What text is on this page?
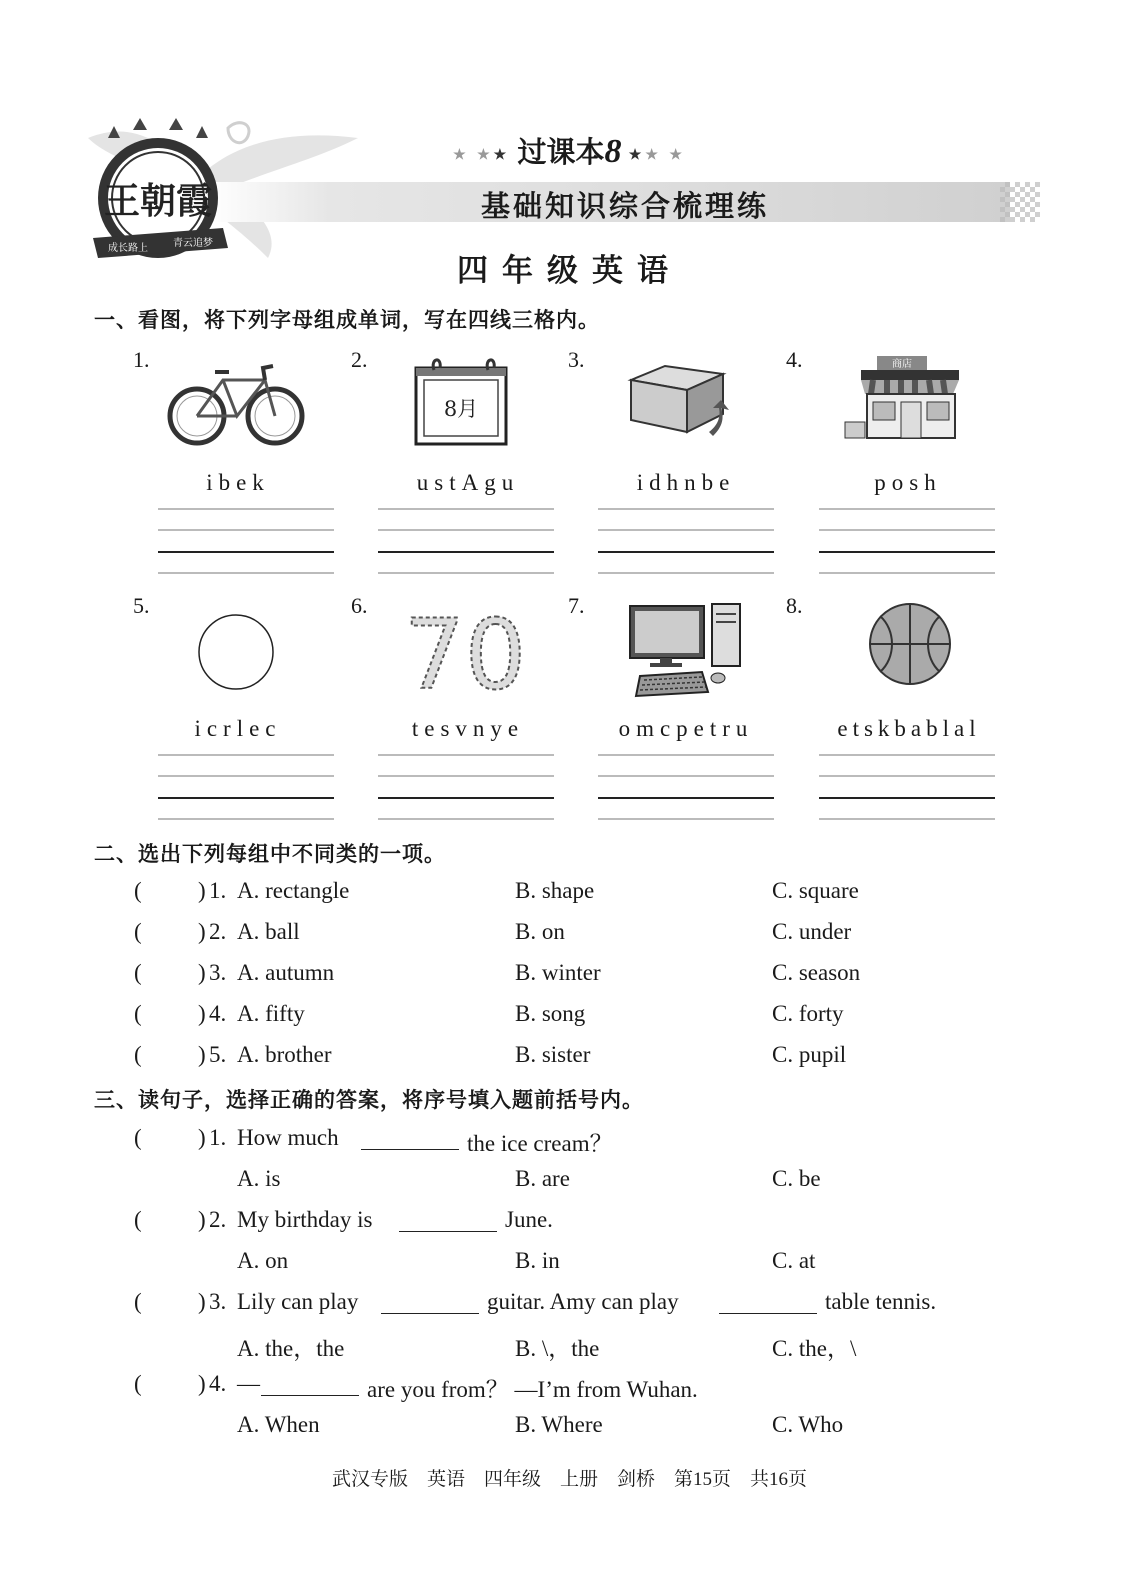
王朝霞
成长路上	青云追梦
★ ★★ 过课本8 ★★ ★
基础知识综合梳理练
四年级英语
一、看图，将下列字母组成单词，写在四线三格内。
1.	2.	3.	4.
8月
商店
ibek	ustAgu	idhnbe	posh
5.	6.	7.	8.
70
icrlec	tesvnye	omcpetru	etskbablal
二、选出下列每组中不同类的一项。
( ) 1. A. rectangle	B. shape	C. square
( ) 2. A. ball	B. on	C. under
( ) 3. A. autumn	B. winter	C. season
( ) 4. A. fifty	B. song	C. forty
( ) 5. A. brother	B. sister	C. pupil
三、读句子，选择正确的答案，将序号填入题前括号内。
( ) 1. How much	the ice cream？
A. is	B. are	C. be
( ) 2. My birthday is	June.
A. on	B. in	C. at
( ) 3. Lily can play	guitar. Amy can play	table tennis.
A. the，the	B. \，the	C. the，\
( ) 4. —	are you from？ —I’m from Wuhan.
A. When	B. Where	C. Who
武汉专版　英语　四年级　上册　剑桥　第15页　共16页
